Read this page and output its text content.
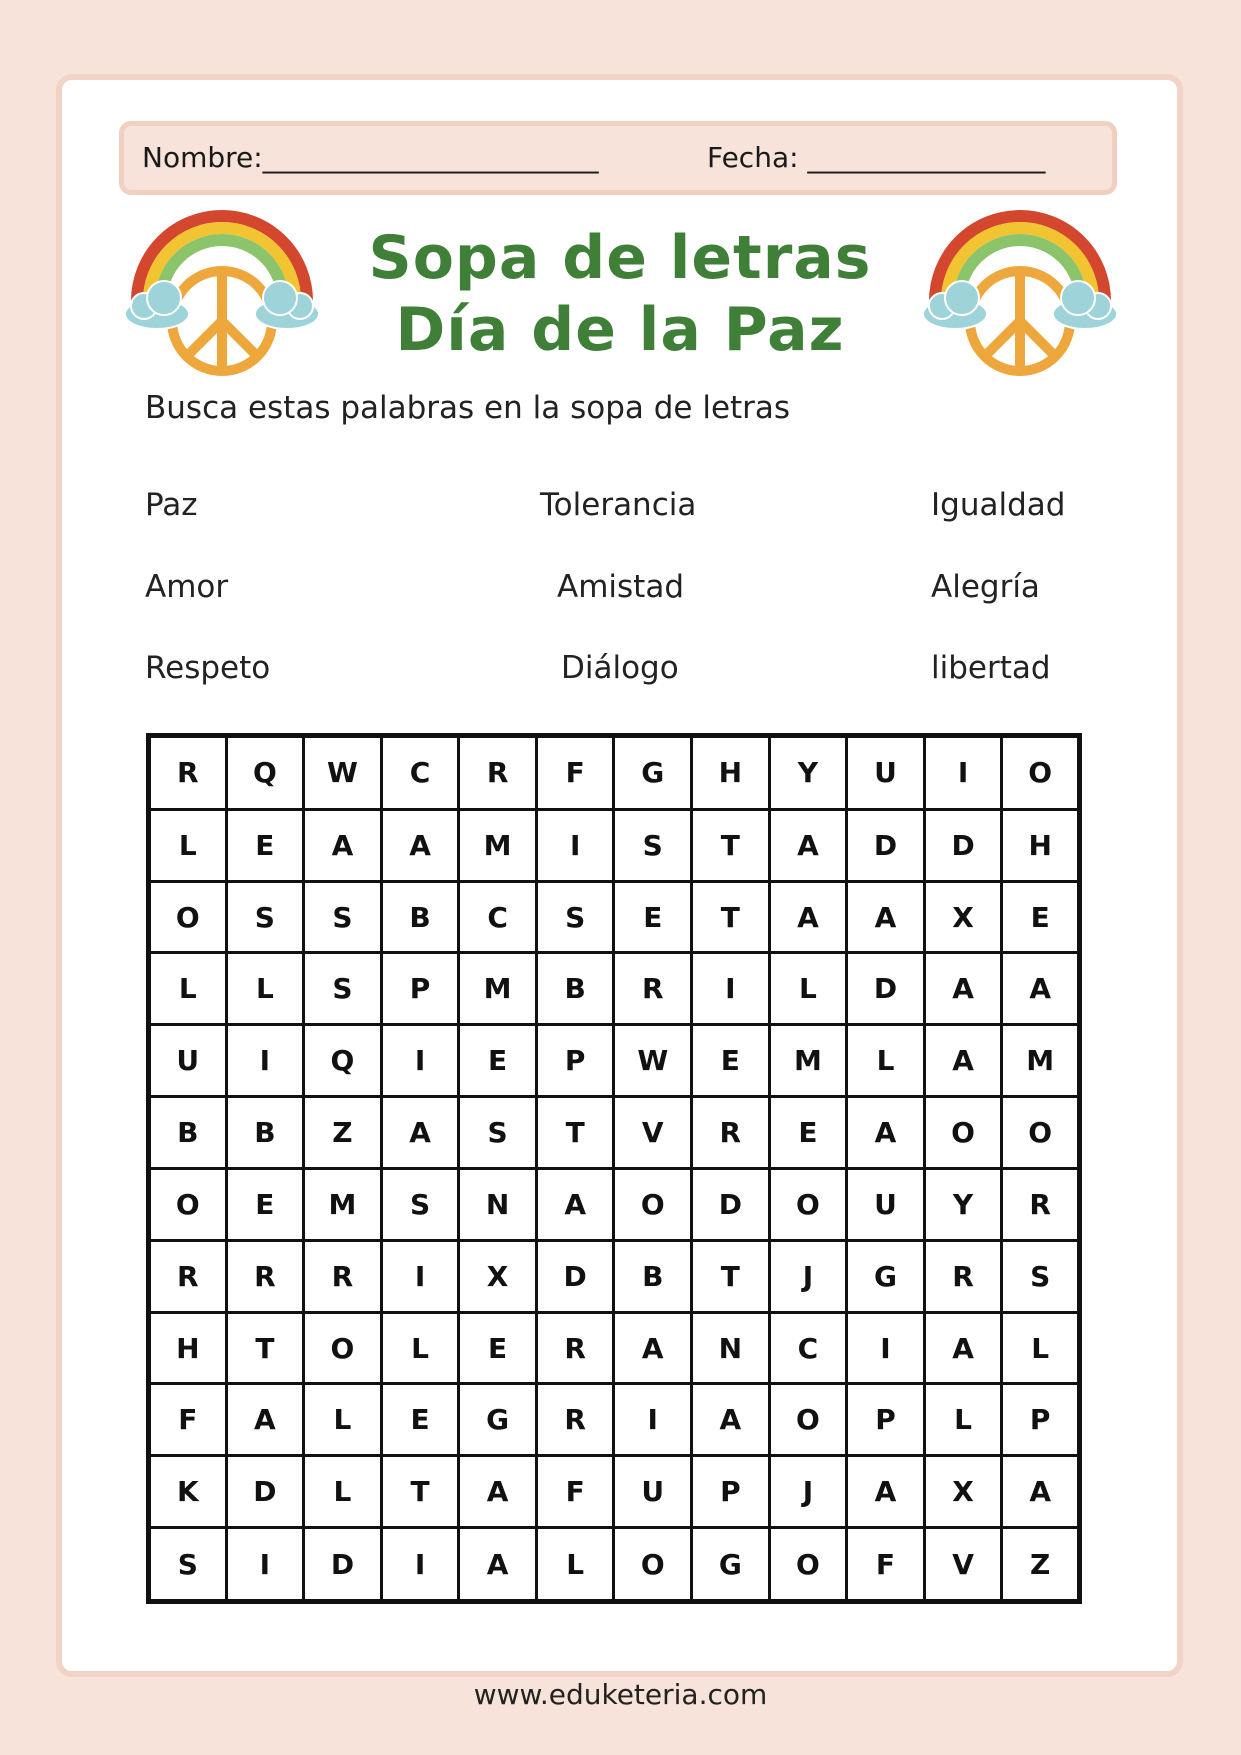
Nombre:________________________	Fecha: _________________
Sopa de letras
Día de la Paz
Busca estas palabras en la sopa de letras
Paz	Tolerancia	Igualdad
Amor	Amistad	Alegría
Respeto	Diálogo	libertad
R	Q	W	C	R	F	G	H	Y	U	I	O
L	E	A	A	M	I	S	T	A	D	D	H
O	S	S	B	C	S	E	T	A	A	X	E
L	L	S	P	M	B	R	I	L	D	A	A
U	I	Q	I	E	P	W	E	M	L	A	M
B	B	Z	A	S	T	V	R	E	A	O	O
O	E	M	S	N	A	O	D	O	U	Y	R
R	R	R	I	X	D	B	T	J	G	R	S
H	T	O	L	E	R	A	N	C	I	A	L
F	A	L	E	G	R	I	A	O	P	L	P
K	D	L	T	A	F	U	P	J	A	X	A
S	I	D	I	A	L	O	G	O	F	V	Z
www.eduketeria.com
